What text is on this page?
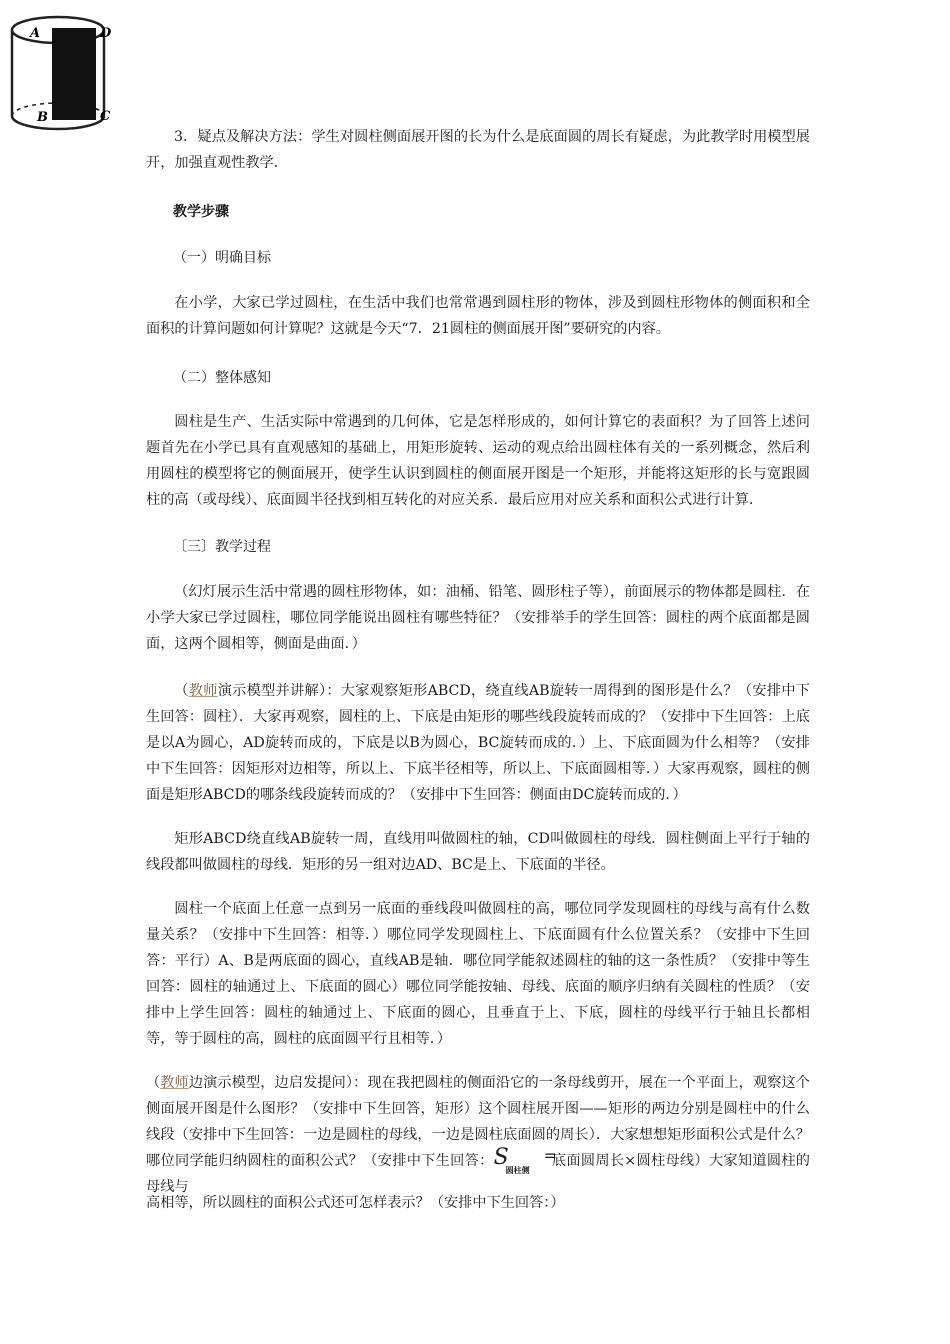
A	D
B	C

3．疑点及解决方法：学生对圆柱侧面展开图的长为什么是底面圆的周长有疑虑，为此教学时用模型展开，加强直观性教学．

教学步骤

（一）明确目标

在小学，大家已学过圆柱，在生活中我们也常常遇到圆柱形的物体，涉及到圆柱形物体的侧面积和全面积的计算问题如何计算呢？这就是今天“7．21圆柱的侧面展开图”要研究的内容。

（二）整体感知

圆柱是生产、生活实际中常遇到的几何体，它是怎样形成的，如何计算它的表面积？为了回答上述问题首先在小学已具有直观感知的基础上，用矩形旋转、运动的观点给出圆柱体有关的一系列概念，然后利用圆柱的模型将它的侧面展开，使学生认识到圆柱的侧面展开图是一个矩形，并能将这矩形的长与宽跟圆柱的高（或母线）、底面圆半径找到相互转化的对应关系．最后应用对应关系和面积公式进行计算．

〔三〕教学过程

（幻灯展示生活中常遇的圆柱形物体，如：油桶、铅笔、圆形柱子等），前面展示的物体都是圆柱．在小学大家已学过圆柱，哪位同学能说出圆柱有哪些特征？（安排举手的学生回答：圆柱的两个底面都是圆面，这两个圆相等，侧面是曲面．）

（教师演示模型并讲解）：大家观察矩形ABCD，绕直线AB旋转一周得到的图形是什么？（安排中下生回答：圆柱）．大家再观察，圆柱的上、下底是由矩形的哪些线段旋转而成的？（安排中下生回答：上底是以A为圆心，AD旋转而成的，下底是以B为圆心，BC旋转而成的．）上、下底面圆为什么相等？（安排中下生回答：因矩形对边相等，所以上、下底半径相等，所以上、下底面圆相等．）大家再观察，圆柱的侧面是矩形ABCD的哪条线段旋转而成的？（安排中下生回答：侧面由DC旋转而成的．）

矩形ABCD绕直线AB旋转一周，直线用叫做圆柱的轴，CD叫做圆柱的母线．圆柱侧面上平行于轴的线段都叫做圆柱的母线．矩形的另一组对边AD、BC是上、下底面的半径。

圆柱一个底面上任意一点到另一底面的垂线段叫做圆柱的高，哪位同学发现圆柱的母线与高有什么数量关系？（安排中下生回答：相等．）哪位同学发现圆柱上、下底面圆有什么位置关系？（安排中下生回答：平行）A、B是两底面的圆心，直线AB是轴．哪位同学能叙述圆柱的轴的这一条性质？（安排中等生回答：圆柱的轴通过上、下底面的圆心）哪位同学能按轴、母线、底面的顺序归纳有关圆柱的性质？（安排中上学生回答：圆柱的轴通过上、下底面的圆心，且垂直于上、下底，圆柱的母线平行于轴且长都相等，等于圆柱的高，圆柱的底面圆平行且相等．）

（教师边演示模型，边启发提问）：现在我把圆柱的侧面沿它的一条母线剪开，展在一个平面上，观察这个侧面展开图是什么图形？（安排中下生回答，矩形）这个圆柱展开图——矩形的两边分别是圆柱中的什么线段（安排中下生回答：一边是圆柱的母线，一边是圆柱底面圆的周长）．大家想想矩形面积公式是什么？哪位同学能归纳圆柱的面积公式？（安排中下生回答： S
圆柱侧
=
底面圆周长×圆柱母线）大家知道圆柱的母线与

高相等，所以圆柱的面积公式还可怎样表示？（安排中下生回答：）
